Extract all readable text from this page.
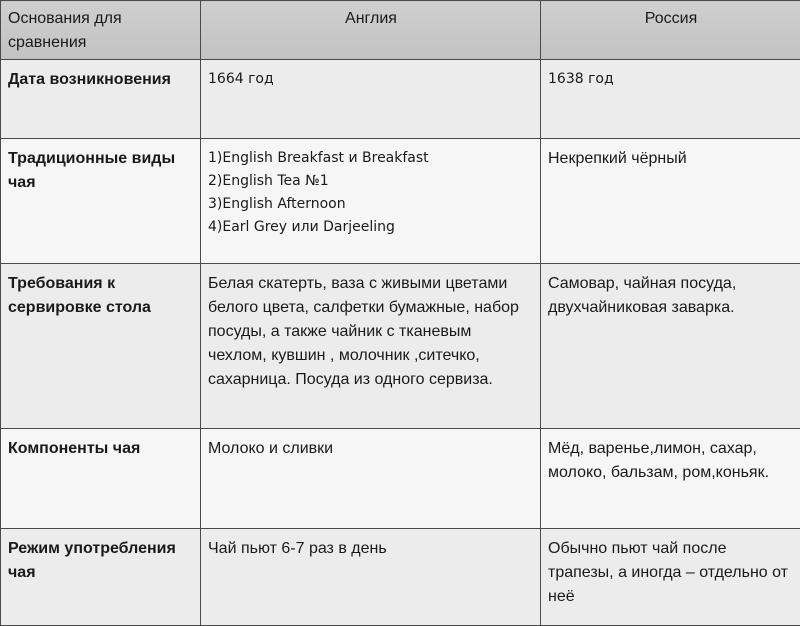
Основания для сравнения	Англия	Россия
Дата возникновения	1664 год	1638 год
Традиционные виды чая	1)English Breakfast и Breakfast
2)English Tea №1
3)English Afternoon
4)Earl Grey или Darjeeling	Некрепкий чёрный
Требования к сервировке стола	Белая скатерть, ваза с живыми цветами белого цвета, салфетки бумажные, набор посуды, а также чайник с тканевым чехлом, кувшин , молочник ,ситечко, сахарница. Посуда из одного сервиза.	Самовар, чайная посуда, двухчайниковая заварка.
Компоненты чая	Молоко и сливки	Мёд, варенье,лимон, сахар, молоко, бальзам, ром,коньяк.
Режим употребления чая	Чай пьют 6-7 раз в день	Обычно пьют чай после трапезы, а иногда – отдельно от неё
